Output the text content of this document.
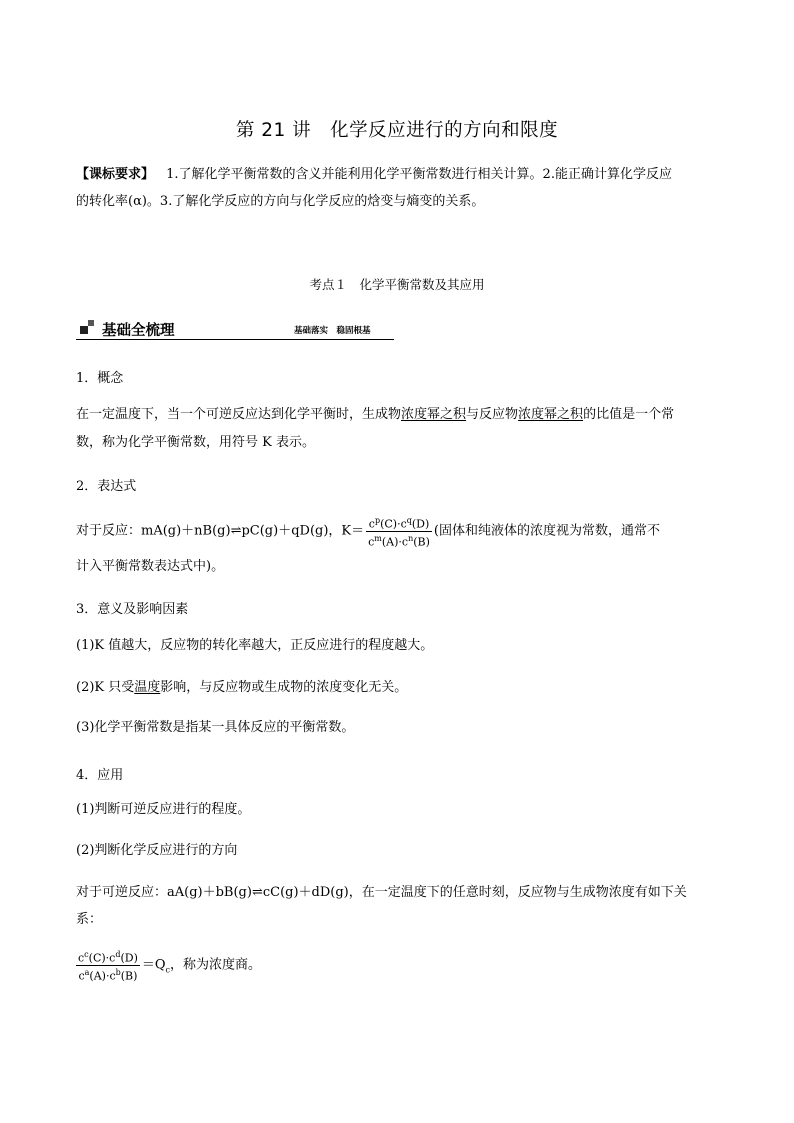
第 21 讲　化学反应进行的方向和限度
【课标要求】 1.了解化学平衡常数的含义并能利用化学平衡常数进行相关计算。2.能正确计算化学反应
的转化率(α)。3.了解化学反应的方向与化学反应的焓变与熵变的关系。
考点１　化学平衡常数及其应用
基础全梳理	基础落实　稳固根基
1．概念
在一定温度下，当一个可逆反应达到化学平衡时，生成物浓度幂之积与反应物浓度幂之积的比值是一个常
数，称为化学平衡常数，用符号 K 表示。
2．表达式
对于反应：mA(g)＋nB(g)⇌pC(g)＋qD(g)，$K= \frac{c^p(C)\cdot c^q(D)}{c^m(A)\cdot c^n(B)}$ (固体和纯液体的浓度视为常数，通常不
计入平衡常数表达式中)。
3．意义及影响因素
(1)K 值越大，反应物的转化率越大，正反应进行的程度越大。
(2)K 只受温度影响，与反应物或生成物的浓度变化无关。
(3)化学平衡常数是指某一具体反应的平衡常数。
4．应用
(1)判断可逆反应进行的程度。
(2)判断化学反应进行的方向
对于可逆反应：aA(g)＋bB(g)⇌cC(g)＋dD(g)，在一定温度下的任意时刻，反应物与生成物浓度有如下关
系：
$\frac{c^c(C)\cdot c^d(D)}{c^a(A)\cdot c^b(B)} =Q_c$，称为浓度商。
